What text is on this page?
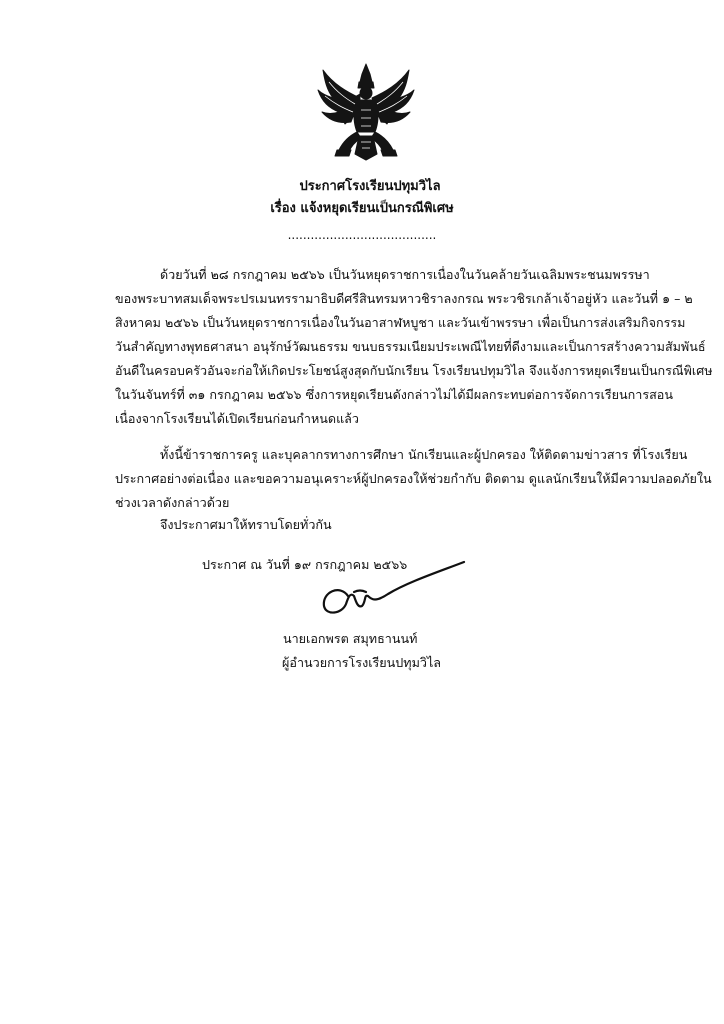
ประกาศโรงเรียนปทุมวิไล
เรื่อง แจ้งหยุดเรียนเป็นกรณีพิเศษ
.......................................
ด้วยวันที่ ๒๘ กรกฎาคม ๒๕๖๖ เป็นวันหยุดราชการเนื่องในวันคล้ายวันเฉลิมพระชนมพรรษา
ของพระบาทสมเด็จพระปรเมนทรรามาธิบดีศรีสินทรมหาวชิราลงกรณ พระวชิรเกล้าเจ้าอยู่หัว และวันที่ ๑ – ๒
สิงหาคม ๒๕๖๖ เป็นวันหยุดราชการเนื่องในวันอาสาฬหบูชา และวันเข้าพรรษา เพื่อเป็นการส่งเสริมกิจกรรม
วันสำคัญทางพุทธศาสนา อนุรักษ์วัฒนธรรม ขนบธรรมเนียมประเพณีไทยที่ดีงามและเป็นการสร้างความสัมพันธ์
อันดีในครอบครัวอันจะก่อให้เกิดประโยชน์สูงสุดกับนักเรียน โรงเรียนปทุมวิไล จึงแจ้งการหยุดเรียนเป็นกรณีพิเศษ
ในวันจันทร์ที่ ๓๑ กรกฎาคม ๒๕๖๖ ซึ่งการหยุดเรียนดังกล่าวไม่ได้มีผลกระทบต่อการจัดการเรียนการสอน
เนื่องจากโรงเรียนได้เปิดเรียนก่อนกำหนดแล้ว
ทั้งนี้ข้าราชการครู และบุคลากรทางการศึกษา นักเรียนและผู้ปกครอง ให้ติดตามข่าวสาร ที่โรงเรียน
ประกาศอย่างต่อเนื่อง และขอความอนุเคราะห์ผู้ปกครองให้ช่วยกำกับ ติดตาม ดูแลนักเรียนให้มีความปลอดภัยใน
ช่วงเวลาดังกล่าวด้วย
จึงประกาศมาให้ทราบโดยทั่วกัน
ประกาศ ณ วันที่ ๑๙ กรกฎาคม ๒๕๖๖
นายเอกพรต สมุทธานนท์
ผู้อำนวยการโรงเรียนปทุมวิไล
